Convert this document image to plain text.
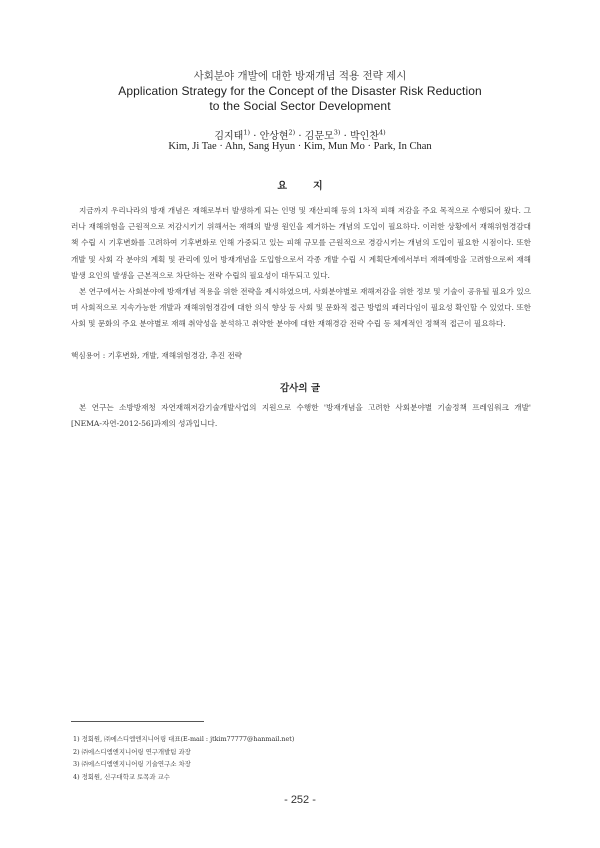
사회분야 개발에 대한 방재개념 적용 전략 제시
Application Strategy for the Concept of the Disaster Risk Reduction
to the Social Sector Development
김지태$^{1)}$ · 안상현$^{2)}$ · 김문모$^{3)}$ · 박인찬$^{4)}$
Kim, Ji Tae · Ahn, Sang Hyun · Kim, Mun Mo · Park, In Chan
요지

지금까지 우리나라의 방재 개념은 재해로부터 발생하게 되는 인명 및 재산피해 등의 1차적 피해 저감을 주요 목적으로 수행되어 왔다. 그러나 재해위험을 근원적으로 저감시키기 위해서는 재해의 발생 원인을 제거하는 개념의 도입이 필요하다. 이러한 상황에서 재해위험경감대책 수립 시 기후변화를 고려하여 기후변화로 인해 가중되고 있는 피해 규모를 근원적으로 경감시키는 개념의 도입이 필요한 시점이다. 또한 개발 및 사회 각 분야의 계획 및 관리에 있어 방재개념을 도입함으로서 각종 개발 수립 시 계획단계에서부터 재해예방을 고려함으로써 재해 발생 요인의 발생을 근본적으로 차단하는 전략 수립의 필요성이 대두되고 있다.

본 연구에서는 사회분야에 방재개념 적용을 위한 전략을 제시하였으며, 사회분야별로 재해저감을 위한 정보 및 기술이 공유될 필요가 있으며 사회적으로 지속가능한 개발과 재해위험경감에 대한 의식 향상 등 사회 및 문화적 접근 방법의 패러다임이 필요성 확인할 수 있었다. 또한 사회 및 문화의 주요 분야별로 재해 취약성을 분석하고 취약한 분야에 대한 재해경감 전략 수립 등 체계적인 정책적 접근이 필요하다.

핵심용어 : 기후변화, 개발, 재해위험경감, 추진 전략

감사의 글

본 연구는 소방방재청 자연재해저감기술개발사업의 지원으로 수행한 '방재개념을 고려한 사회분야별 기술정책 프레임워크 개발' [NEMA-자연-2012-56]과제의 성과입니다.

1) 정회원, ㈜에스디엠엔지니어링 대표(E-mail : jtkim77777@hanmail.net)
2) ㈜에스디엠엔지니어링 연구개발팀 과장
3) ㈜에스디엠엔지니어링 기술연구소 차장
4) 정회원, 신구대학교 토목과 교수
- 252 -
